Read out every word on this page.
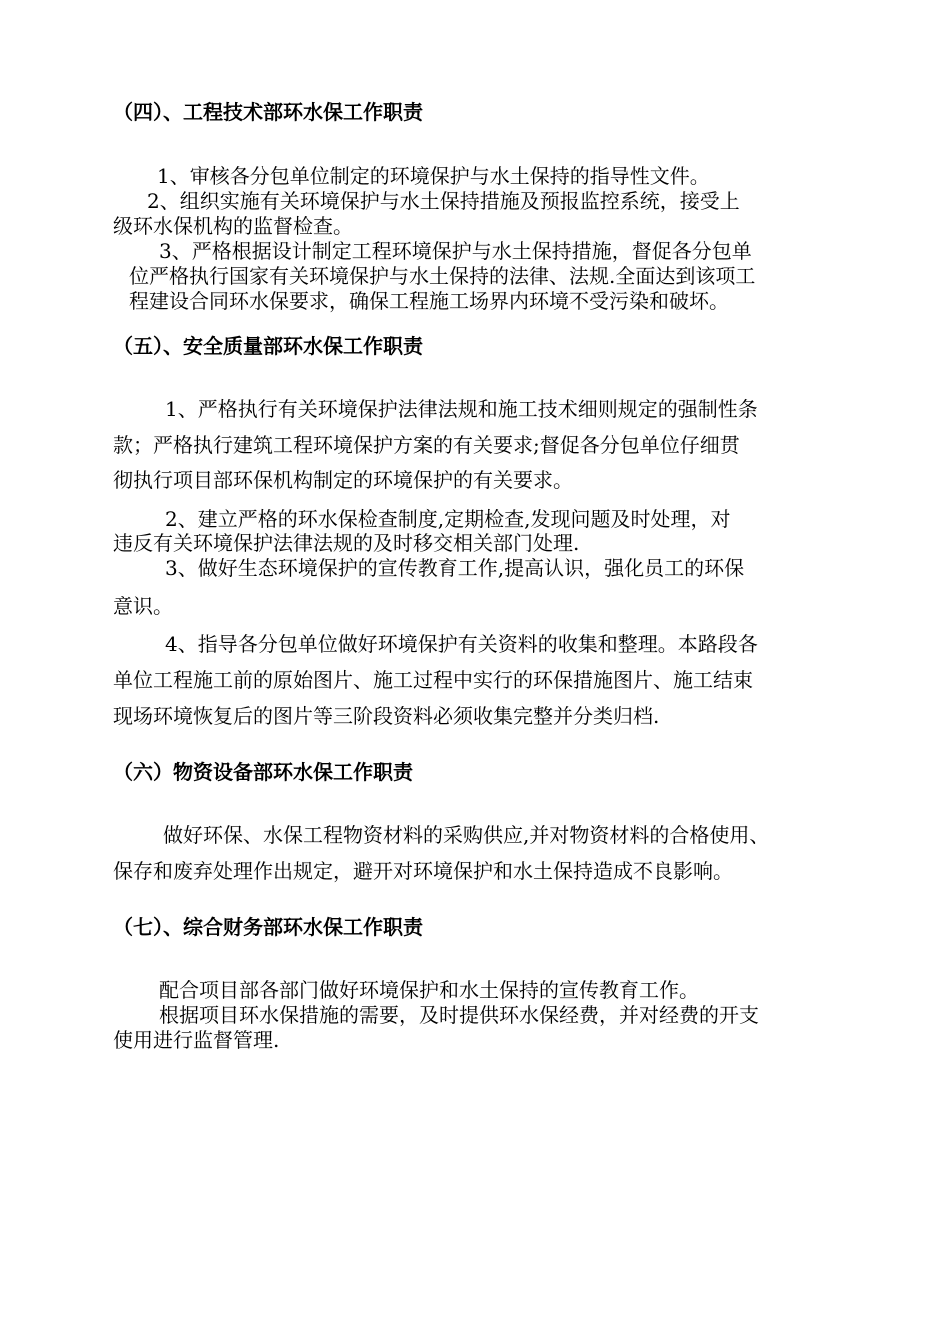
（四）、工程技术部环水保工作职责
1、审核各分包单位制定的环境保护与水土保持的指导性文件。
2、组织实施有关环境保护与水土保持措施及预报监控系统，接受上
级环水保机构的监督检查。
3、严格根据设计制定工程环境保护与水土保持措施，督促各分包单
位严格执行国家有关环境保护与水土保持的法律、法规.全面达到该项工
程建设合同环水保要求，确保工程施工场界内环境不受污染和破坏。
（五）、安全质量部环水保工作职责
1、严格执行有关环境保护法律法规和施工技术细则规定的强制性条
款；严格执行建筑工程环境保护方案的有关要求;督促各分包单位仔细贯
彻执行项目部环保机构制定的环境保护的有关要求。
2、建立严格的环水保检查制度,定期检查,发现问题及时处理，对
违反有关环境保护法律法规的及时移交相关部门处理.
3、做好生态环境保护的宣传教育工作,提高认识，强化员工的环保
意识。
4、指导各分包单位做好环境保护有关资料的收集和整理。本路段各
单位工程施工前的原始图片、施工过程中实行的环保措施图片、施工结束
现场环境恢复后的图片等三阶段资料必须收集完整并分类归档.
（六）物资设备部环水保工作职责
做好环保、水保工程物资材料的采购供应,并对物资材料的合格使用、
保存和废弃处理作出规定，避开对环境保护和水土保持造成不良影响。
（七）、综合财务部环水保工作职责
配合项目部各部门做好环境保护和水土保持的宣传教育工作。
根据项目环水保措施的需要，及时提供环水保经费，并对经费的开支
使用进行监督管理.
